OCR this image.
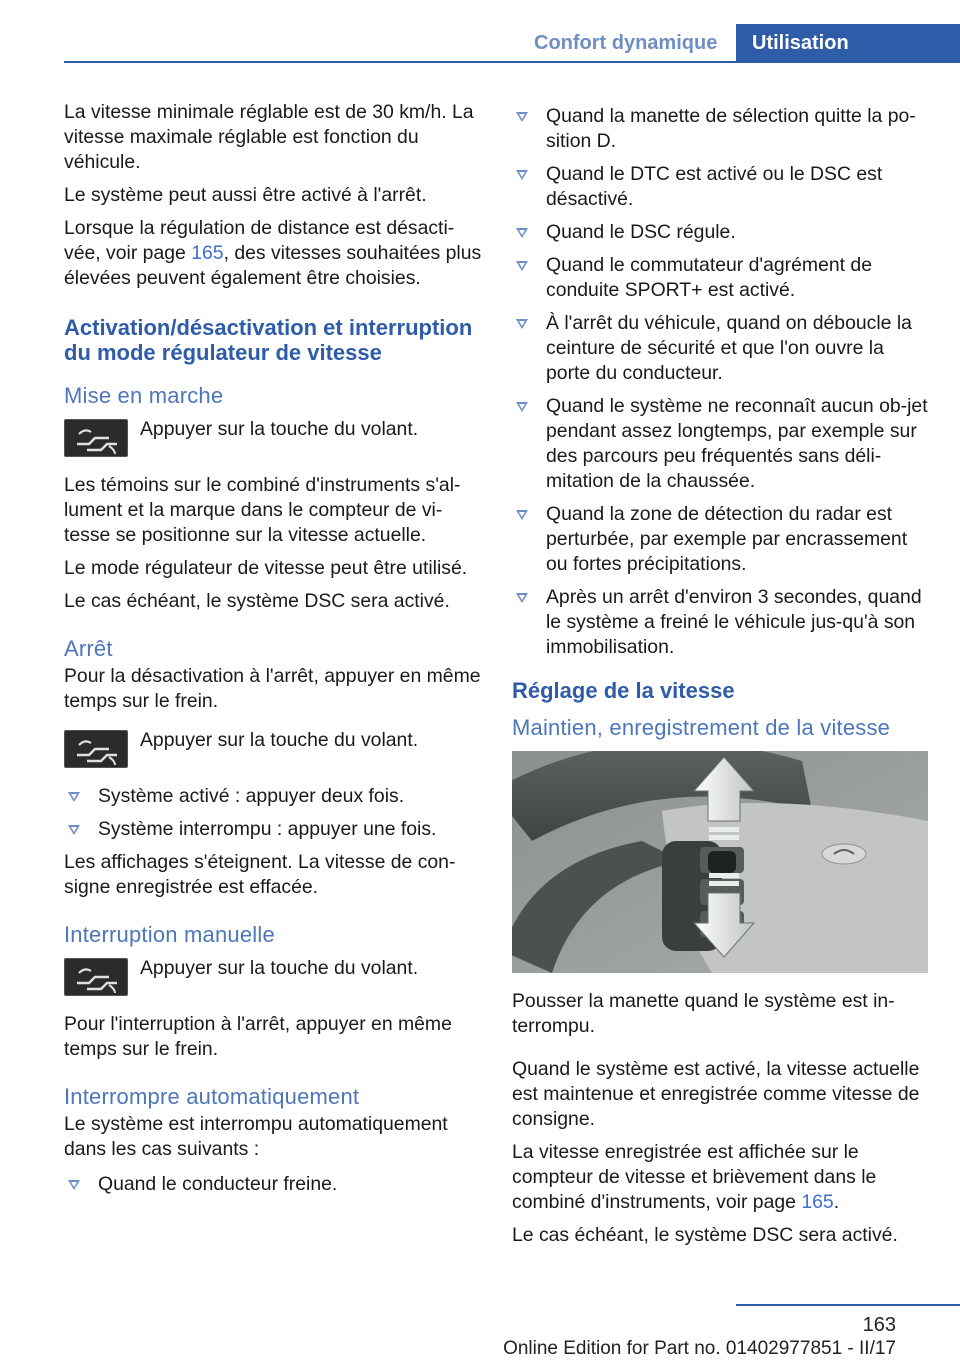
Confort dynamique	Utilisation

La vitesse minimale réglable est de 30 km/h. La vitesse maximale réglable est fonction du véhicule.

Le système peut aussi être activé à l'arrêt.

Lorsque la régulation de distance est désacti‐vée, voir page 165, des vitesses souhaitées plus élevées peuvent également être choisies.

Activation/désactivation et interruption du mode régulateur de vitesse
Mise en marche
Appuyer sur la touche du volant.

Les témoins sur le combiné d'instruments s'al‐lument et la marque dans le compteur de vi‐tesse se positionne sur la vitesse actuelle.

Le mode régulateur de vitesse peut être utilisé.

Le cas échéant, le système DSC sera activé.

Arrêt

Pour la désactivation à l'arrêt, appuyer en même temps sur le frein.

Appuyer sur la touche du volant.
Système activé : appuyer deux fois.
Système interrompu : appuyer une fois.

Les affichages s'éteignent. La vitesse de con‐signe enregistrée est effacée.

Interruption manuelle
Appuyer sur la touche du volant.

Pour l'interruption à l'arrêt, appuyer en même temps sur le frein.

Interrompre automatiquement

Le système est interrompu automatiquement dans les cas suivants :

Quand le conducteur freine.
Quand la manette de sélection quitte la po‐sition D.
Quand le DTC est activé ou le DSC est désactivé.
Quand le DSC régule.
Quand le commutateur d'agrément de conduite SPORT+ est activé.
À l'arrêt du véhicule, quand on déboucle la ceinture de sécurité et que l'on ouvre la porte du conducteur.
Quand le système ne reconnaît aucun ob‐jet pendant assez longtemps, par exemple sur des parcours peu fréquentés sans déli‐mitation de la chaussée.
Quand la zone de détection du radar est perturbée, par exemple par encrassement ou fortes précipitations.
Après un arrêt d'environ 3 secondes, quand le système a freiné le véhicule jus‐qu'à son immobilisation.
Réglage de la vitesse
Maintien, enregistrement de la vitesse

Pousser la manette quand le système est in‐terrompu.

Quand le système est activé, la vitesse actuelle est maintenue et enregistrée comme vitesse de consigne.

La vitesse enregistrée est affichée sur le compteur de vitesse et brièvement dans le combiné d'instruments, voir page 165.

Le cas échéant, le système DSC sera activé.

163
Online Edition for Part no. 01402977851 - II/17
